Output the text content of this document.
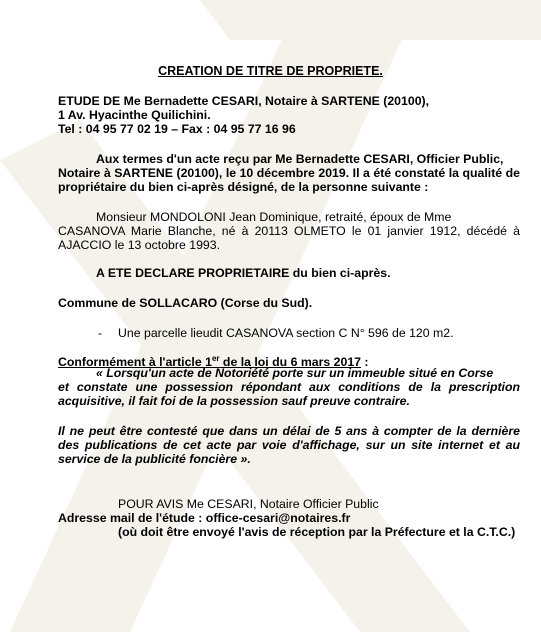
CREATION DE TITRE DE PROPRIETE.
ETUDE DE Me Bernadette CESARI, Notaire à SARTENE (20100),
1 Av. Hyacinthe Quilichini.
Tel : 04 95 77 02 19 – Fax : 04 95 77 16 96
Aux termes d'un acte reçu par Me Bernadette CESARI, Officier Public,
Notaire à SARTENE (20100), le 10 décembre 2019. Il a été constaté la qualité de propriétaire du bien ci-après désigné, de la personne suivante :
Monsieur MONDOLONI Jean Dominique, retraité, époux de Mme
CASANOVA Marie Blanche, né à 20113 OLMETO le 01 janvier 1912, décédé à AJACCIO le 13 octobre 1993.
A ETE DECLARE PROPRIETAIRE du bien ci-après.
Commune de SOLLACARO (Corse du Sud).
- Une parcelle lieudit CASANOVA section C N° 596 de 120 m2.
Conformément à l'article 1er de la loi du 6 mars 2017 :
« Lorsqu'un acte de Notoriété porte sur un immeuble situé en Corse
et constate une possession répondant aux conditions de la prescription acquisitive, il fait foi de la possession sauf preuve contraire.
Il ne peut être contesté que dans un délai de 5 ans à compter de la dernière des publications de cet acte par voie d'affichage, sur un site internet et au service de la publicité foncière ».
POUR AVIS Me CESARI, Notaire Officier Public
Adresse mail de l'étude : office-cesari@notaires.fr
(où doit être envoyé l'avis de réception par la Préfecture et la C.T.C.)
